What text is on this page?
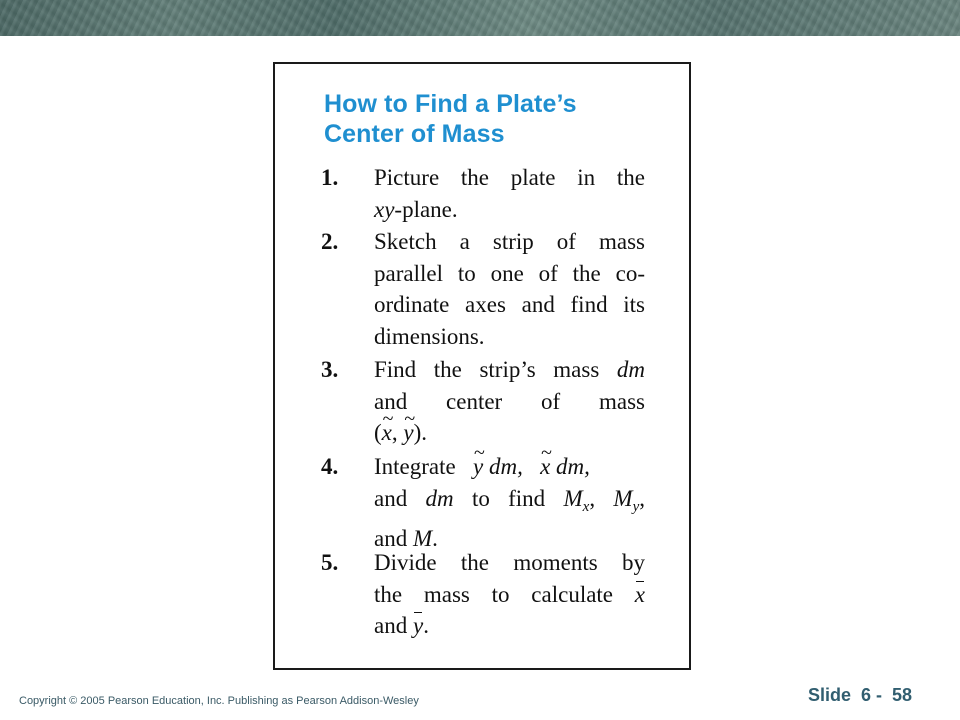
How to Find a Plate’s
Center of Mass
1. Picture the plate in the
xy-plane.
2. Sketch a strip of mass
parallel to one of the co-
ordinate axes and find its
dimensions.
3. Find the strip’s mass dm
and center of mass
(~ x, ~ y).
4. Integrate   ~ y dm,   ~ x dm,
and dm to find $M_x$, $M_y$,
and M.
5. Divide the moments by
the mass to calculate x
and y.
Copyright © 2005 Pearson Education, Inc. Publishing as Pearson Addison-Wesley	Slide  6 -  58
